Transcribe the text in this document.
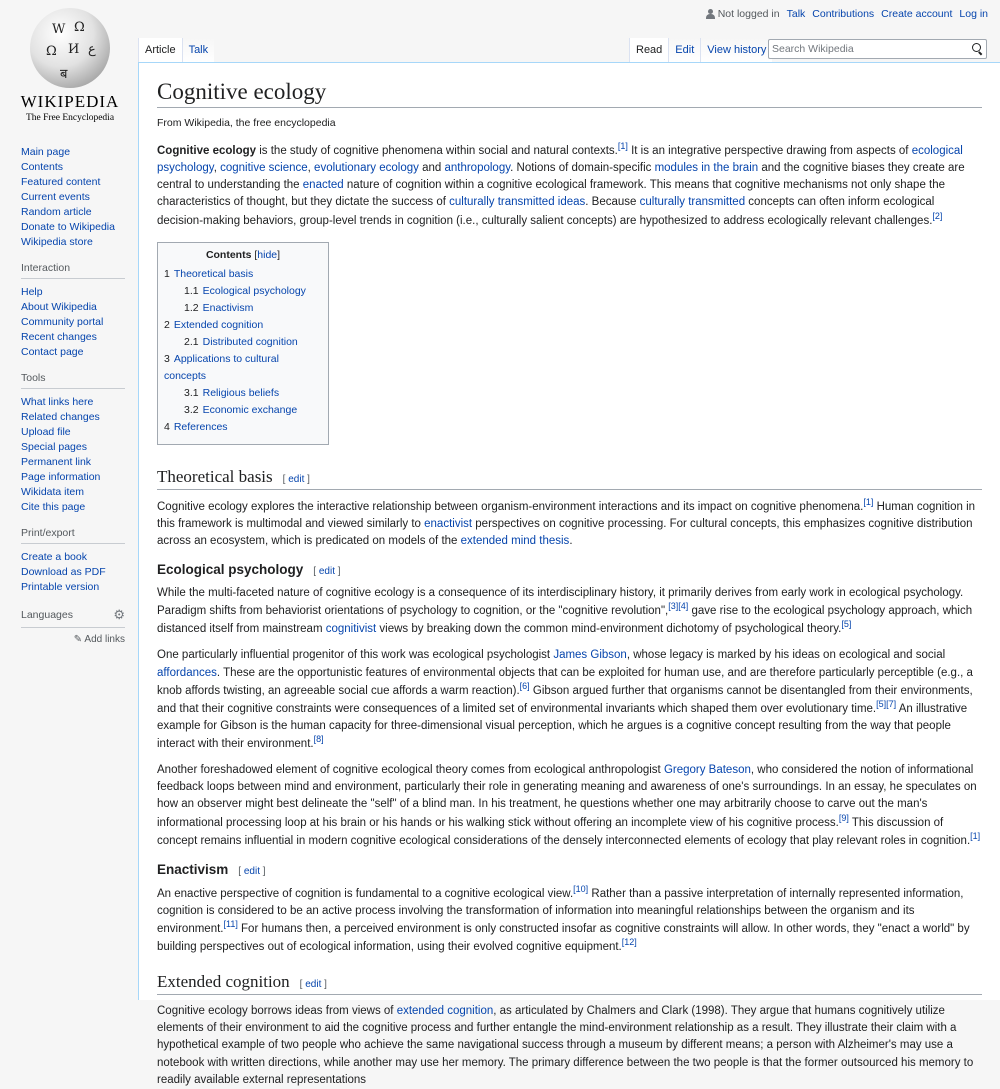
Not logged in Talk Contributions Create account Log in
W Ω
Ω И ع
ब
WIKIPEDIA
The Free Encyclopedia
Main page
Contents
Featured content
Current events
Random article
Donate to Wikipedia
Wikipedia store
Interaction
Help
About Wikipedia
Community portal
Recent changes
Contact page
Tools
What links here
Related changes
Upload file
Special pages
Permanent link
Page information
Wikidata item
Cite this page
Print/export
Create a book
Download as PDF
Printable version
Languages	⚙
✎ Add links
Article	Talk	Read	Edit	View history Search Wikipedia
Cognitive ecology
From Wikipedia, the free encyclopedia

Cognitive ecology is the study of cognitive phenomena within social and natural contexts.[1] It is an integrative perspective drawing from aspects of ecological psychology, cognitive science, evolutionary ecology and anthropology. Notions of domain-specific modules in the brain and the cognitive biases they create are central to understanding the enacted nature of cognition within a cognitive ecological framework. This means that cognitive mechanisms not only shape the characteristics of thought, but they dictate the success of culturally transmitted ideas. Because culturally transmitted concepts can often inform ecological decision-making behaviors, group-level trends in cognition (i.e., culturally salient concepts) are hypothesized to address ecologically relevant challenges.[2]

Contents [hide]
1 Theoretical basis
1.1 Ecological psychology
1.2 Enactivism
2 Extended cognition
2.1 Distributed cognition
3 Applications to cultural concepts
3.1 Religious beliefs
3.2 Economic exchange
4 References
Theoretical basis [ edit ]

Cognitive ecology explores the interactive relationship between organism-environment interactions and its impact on cognitive phenomena.[1] Human cognition in this framework is multimodal and viewed similarly to enactivist perspectives on cognitive processing. For cultural concepts, this emphasizes cognitive distribution across an ecosystem, which is predicated on models of the extended mind thesis.

Ecological psychology [ edit ]

While the multi-faceted nature of cognitive ecology is a consequence of its interdisciplinary history, it primarily derives from early work in ecological psychology. Paradigm shifts from behaviorist orientations of psychology to cognition, or the "cognitive revolution",[3][4] gave rise to the ecological psychology approach, which distanced itself from mainstream cognitivist views by breaking down the common mind-environment dichotomy of psychological theory.[5]

One particularly influential progenitor of this work was ecological psychologist James Gibson, whose legacy is marked by his ideas on ecological and social affordances. These are the opportunistic features of environmental objects that can be exploited for human use, and are therefore particularly perceptible (e.g., a knob affords twisting, an agreeable social cue affords a warm reaction).[6] Gibson argued further that organisms cannot be disentangled from their environments, and that their cognitive constraints were consequences of a limited set of environmental invariants which shaped them over evolutionary time.[5][7] An illustrative example for Gibson is the human capacity for three-dimensional visual perception, which he argues is a cognitive concept resulting from the way that people interact with their environment.[8]

Another foreshadowed element of cognitive ecological theory comes from ecological anthropologist Gregory Bateson, who considered the notion of informational feedback loops between mind and environment, particularly their role in generating meaning and awareness of one's surroundings. In an essay, he speculates on how an observer might best delineate the "self" of a blind man. In his treatment, he questions whether one may arbitrarily choose to carve out the man's informational processing loop at his brain or his hands or his walking stick without offering an incomplete view of his cognitive process.[9] This discussion of concept remains influential in modern cognitive ecological considerations of the densely interconnected elements of ecology that play relevant roles in cognition.[1]

Enactivism [ edit ]

An enactive perspective of cognition is fundamental to a cognitive ecological view.[10] Rather than a passive interpretation of internally represented information, cognition is considered to be an active process involving the transformation of information into meaningful relationships between the organism and its environment.[11] For humans then, a perceived environment is only constructed insofar as cognitive constraints will allow. In other words, they "enact a world" by building perspectives out of ecological information, using their evolved cognitive equipment.[12]

Extended cognition [ edit ]

Cognitive ecology borrows ideas from views of extended cognition, as articulated by Chalmers and Clark (1998). They argue that humans cognitively utilize elements of their environment to aid the cognitive process and further entangle the mind-environment relationship as a result. They illustrate their claim with a hypothetical example of two people who achieve the same navigational success through a museum by different means; a person with Alzheimer's may use a notebook with written directions, while another may use her memory. The primary difference between the two people is that the former outsourced his memory to readily available external representations
